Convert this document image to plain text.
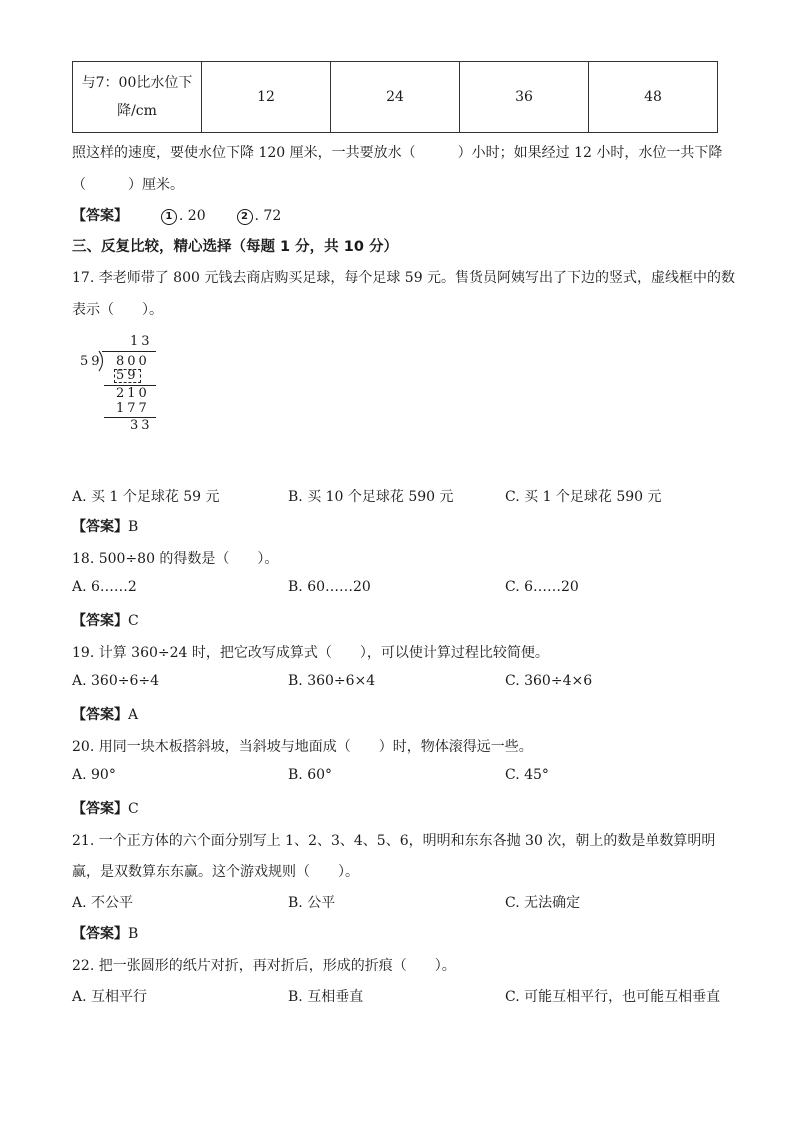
与7：00比水位下降/cm	12	24	36	48
照这样的速度，要使水位下降 120 厘米，一共要放水（　　　）小时；如果经过 12 小时，水位一共下降
（　　　）厘米。
【答案】	1 . 20	2 . 72
三、反复比较，精心选择（每题 1 分，共 10 分）
17. 李老师带了 800 元钱去商店购买足球，每个足球 59 元。售货员阿姨写出了下边的竖式，虚线框中的数
表示（　　）。
13
59 800
59
210
177
33
A. 买 1 个足球花 59 元	B. 买 10 个足球花 590 元	C. 买 1 个足球花 590 元
【答案】B
18. 500÷80 的得数是（　　）。
A. 6……2	B. 60……20	C. 6……20
【答案】C
19. 计算 360÷24 时，把它改写成算式（　　），可以使计算过程比较简便。
A. 360÷6÷4	B. 360÷6×4	C. 360÷4×6
【答案】A
20. 用同一块木板搭斜坡，当斜坡与地面成（　　）时，物体滚得远一些。
A. 90°	B. 60°	C. 45°
【答案】C
21. 一个正方体的六个面分别写上 1、2、3、4、5、6，明明和东东各抛 30 次，朝上的数是单数算明明
赢，是双数算东东赢。这个游戏规则（　　）。
A. 不公平	B. 公平	C. 无法确定
【答案】B
22. 把一张圆形的纸片对折，再对折后，形成的折痕（　　）。
A. 互相平行	B. 互相垂直	C. 可能互相平行，也可能互相垂直
